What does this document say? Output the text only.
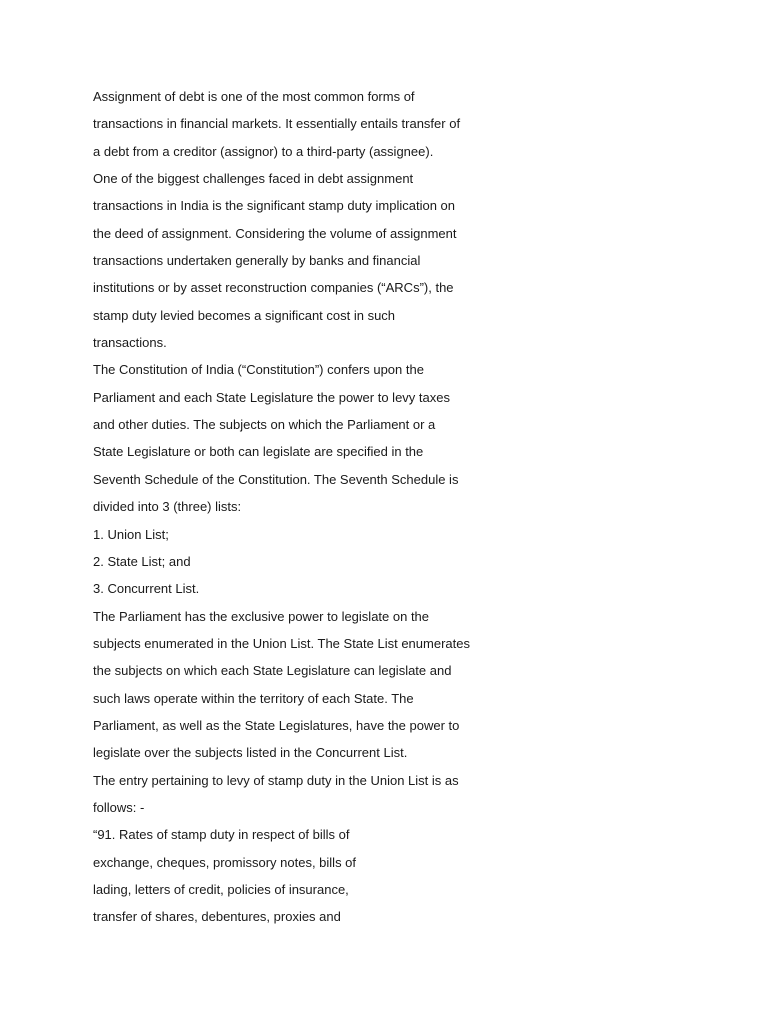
Assignment of debt is one of the most common forms of
transactions in financial markets. It essentially entails transfer of
a debt from a creditor (assignor) to a third-party (assignee).
One of the biggest challenges faced in debt assignment
transactions in India is the significant stamp duty implication on
the deed of assignment. Considering the volume of assignment
transactions undertaken generally by banks and financial
institutions or by asset reconstruction companies (“ARCs”), the
stamp duty levied becomes a significant cost in such
transactions.
The Constitution of India (“Constitution”) confers upon the
Parliament and each State Legislature the power to levy taxes
and other duties. The subjects on which the Parliament or a
State Legislature or both can legislate are specified in the
Seventh Schedule of the Constitution. The Seventh Schedule is
divided into 3 (three) lists:
1. Union List;
2. State List; and
3. Concurrent List.
The Parliament has the exclusive power to legislate on the
subjects enumerated in the Union List. The State List enumerates
the subjects on which each State Legislature can legislate and
such laws operate within the territory of each State. The
Parliament, as well as the State Legislatures, have the power to
legislate over the subjects listed in the Concurrent List.
The entry pertaining to levy of stamp duty in the Union List is as
follows: -
“91. Rates of stamp duty in respect of bills of
exchange, cheques, promissory notes, bills of
lading, letters of credit, policies of insurance,
transfer of shares, debentures, proxies and
